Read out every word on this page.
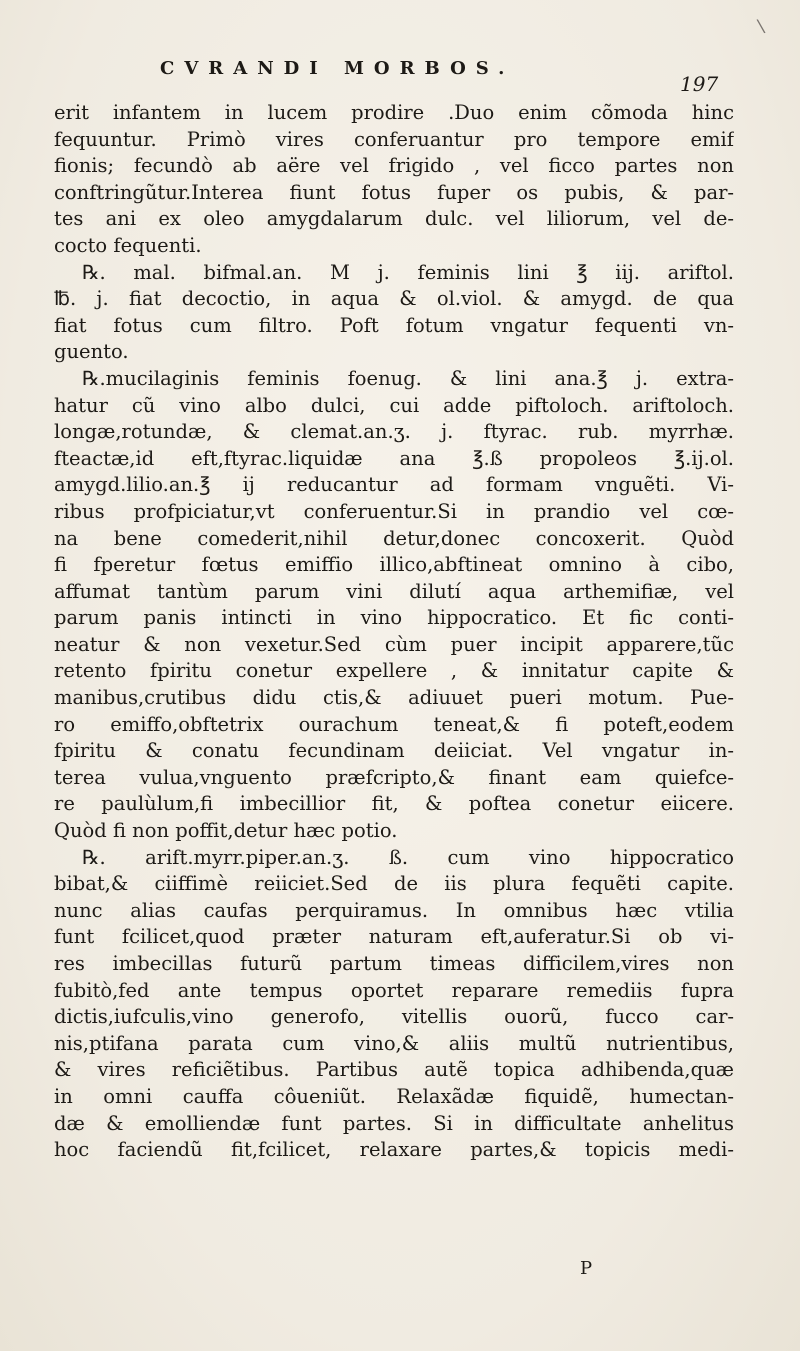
\
CVRANDI MORBOS.
197
erit infantem in lucem prodire .Duo enim cõmoda hinc
fequuntur. Primò vires conferuantur pro tempore emif
fionis; fecundò ab aëre vel frigido , vel ficco partes non
conftringũtur.Interea fiunt fotus fuper os pubis, & par-
tes ani ex oleo amygdalarum dulc. vel liliorum, vel de-
cocto fequenti.
℞. mal. bifmal.an. M j. feminis lini ℥ iij. ariftol.
℔. j. fiat decoctio, in aqua & ol.viol. & amygd. de qua
fiat fotus cum filtro. Poft fotum vngatur fequenti vn-
guento.
℞.mucilaginis feminis foenug. & lini ana.℥ j. extra-
hatur cũ vino albo dulci, cui adde piftoloch. ariftoloch.
longæ,rotundæ, & clemat.an.ʒ. j. ftyrac. rub. myrrhæ.
fteactæ,id eft,ftyrac.liquidæ ana ℥.ß propoleos ℥.ij.ol.
amygd.lilio.an.℥ ij reducantur ad formam vnguẽti. Vi-
ribus profpiciatur,vt conferuentur.Si in prandio vel cœ-
na bene comederit,nihil detur,donec concoxerit. Quòd
fi fperetur fœtus emiffio illico,abftineat omnino à cibo,
affumat tantùm parum vini dilutí aqua arthemifiæ, vel
parum panis intincti in vino hippocratico. Et fic conti-
neatur & non vexetur.Sed cùm puer incipit apparere,tũc
retento fpiritu conetur expellere , & innitatur capite &
manibus,crutibus didu ctis,& adiuuet pueri motum. Pue-
ro emiffo,obftetrix ourachum teneat,& fi poteft,eodem
fpiritu & conatu fecundinam deiiciat. Vel vngatur in-
terea vulua,vnguento præfcripto,& finant eam quiefce-
re paulùlum,fi imbecillior fit, & poftea conetur eiicere.
Quòd fi non poffit,detur hæc potio.
℞. arift.myrr.piper.an.ʒ. ß. cum vino hippocratico
bibat,& ciiffimè reiiciet.Sed de iis plura fequẽti capite.
nunc alias caufas perquiramus. In omnibus hæc vtilia
funt fcilicet,quod præter naturam eft,auferatur.Si ob vi-
res imbecillas futurũ partum timeas difficilem,vires non
fubitò,fed ante tempus oportet reparare remediis fupra
dictis,iufculis,vino generofo, vitellis ouorũ, fucco car-
nis,ptifana parata cum vino,& aliis multũ nutrientibus,
& vires reficiẽtibus. Partibus autẽ topica adhibenda,quæ
in omni cauffa côueniũt. Relaxãdæ fiquidẽ, humectan-
dæ & emolliendæ funt partes. Si in difficultate anhelitus
hoc faciendũ fit,fcilicet, relaxare partes,& topicis medi-
P
